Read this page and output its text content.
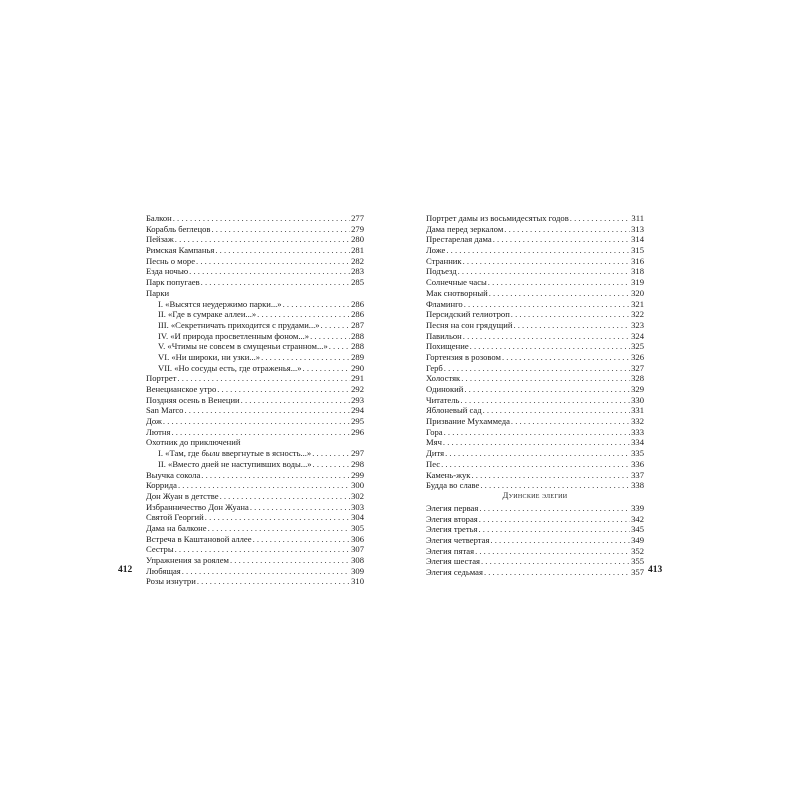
Балкон . . .	277
Корабль беглецов . . .	279
Пейзаж . . .	280
Римская Кампанья . . .	281
Песнь о море . . .	282
Езда ночью . . .	283
Парк попугаев . . .	285
Парки
I. «Высятся неудержимо парки...» . . .	286
II. «Где в сумраке аллеи...» . . .	286
III. «Секретничать приходится с прудами...» . . .	287
IV. «И природа просветленным фоном...» . . .	288
V. «Чтимы не совсем в смущеньи странном...» . . .	288
VI. «Ни широки, ни узки...» . . .	289
VII. «Но сосуды есть, где отраженья...» . . .	290
Портрет . . .	291
Венецианское утро . . .	292
Поздняя осень в Венеции . . .	293
San Marco . . .	294
Дож . . .	295
Лютня . . .	296
Охотник до приключений
I. «Там, где были ввергнутые в ясность...» . . .	297
II. «Вместо дней не наступивших воды...» . . .	298
Выучка сокола . . .	299
Коррида . . .	300
Дон Жуан в детстве . . .	302
Избранничество Дон Жуана . . .	303
Святой Георгий . . .	304
Дама на балконе . . .	305
Встреча в Каштановой аллее . . .	306
Сестры . . .	307
Упражнения за роялем . . .	308
Любящая . . .	309
Розы изнутри . . .	310
412
Портрет дамы из восьмидесятых годов . . .	311
Дама перед зеркалом . . .	313
Престарелая дама . . .	314
Ложе . . .	315
Странник . . .	316
Подъезд . . .	318
Солнечные часы . . .	319
Мак снотворный . . .	320
Фламинго . . .	321
Персидский гелиотроп . . .	322
Песня на сон грядущий . . .	323
Павильон . . .	324
Похищение . . .	325
Гортензия в розовом . . .	326
Герб . . .	327
Холостяк . . .	328
Одинокий . . .	329
Читатель . . .	330
Яблоневый сад . . .	331
Призвание Мухаммеда . . .	332
Гора . . .	333
Мяч . . .	334
Дитя . . .	335
Пес . . .	336
Камень-жук . . .	337
Будда во славе . . .	338
Дуинские элегии
Элегия первая . . .	339
Элегия вторая . . .	342
Элегия третья . . .	345
Элегия четвертая . . .	349
Элегия пятая . . .	352
Элегия шестая . . .	355
Элегия седьмая . . .	357 413
